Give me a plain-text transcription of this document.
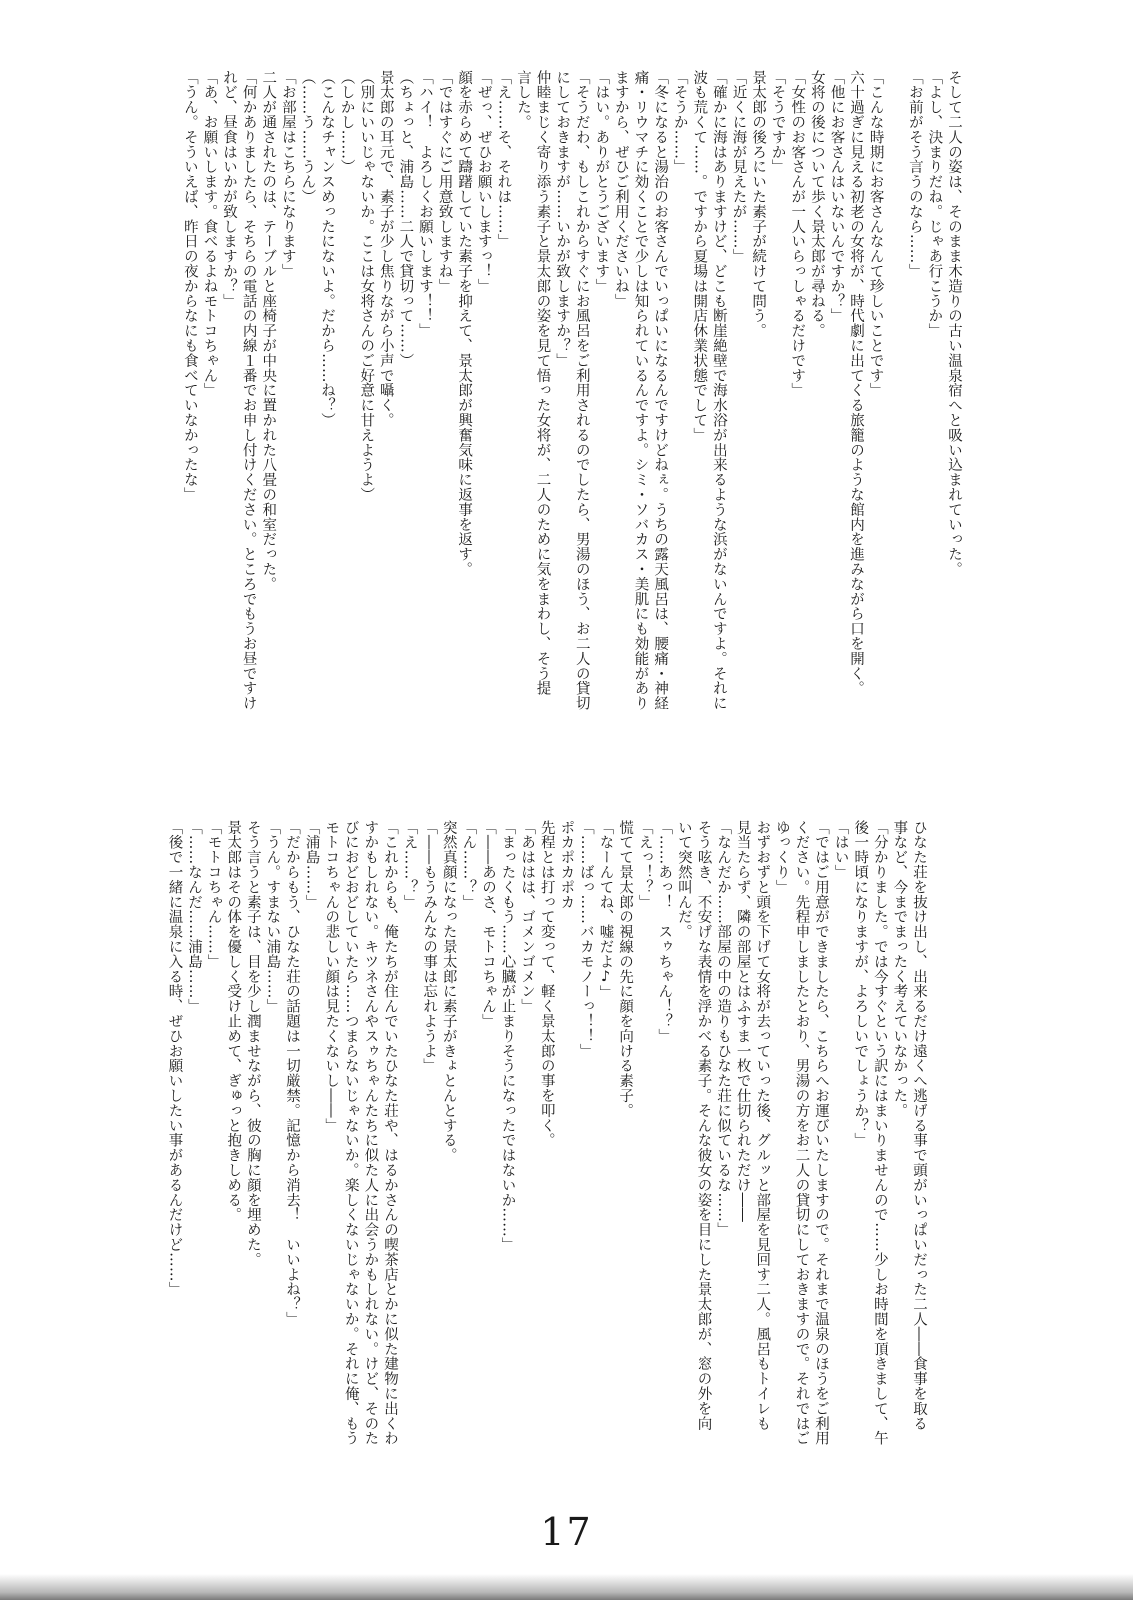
そして二人の姿は、そのまま木造りの古い温泉宿へと吸い込まれていった。
「よし、決まりだね。じゃあ行こうか」
「お前がそう言うのなら……」

「こんな時期にお客さんなんて珍しいことです」
六十過ぎに見える初老の女将が、時代劇に出てくる旅籠のような館内を進みながら口を開く。
「他にお客さんはいないんですか？」
女将の後について歩く景太郎が尋ねる。
「女性のお客さんが一人いらっしゃるだけです」
「そうですか」
景太郎の後ろにいた素子が続けて問う。
「近くに海が見えたが……」
「確かに海はありますけど、どこも断崖絶壁で海水浴が出来るような浜がないんですよ。それに
波も荒くて……。ですから夏場は開店休業状態でして」
「そうか……」
「冬になると湯治のお客さんでいっぱいになるんですけどねぇ。うちの露天風呂は、腰痛・神経
痛・リウマチに効くことで少しは知られているんですよ。シミ・ソバカス・美肌にも効能があり
ますから、ぜひご利用くださいね」
「はい。ありがとうございます」
「そうだわ、もしこれからすぐにお風呂をご利用されるのでしたら、男湯のほう、お二人の貸切
にしておきますが……いかが致しますか？」
仲睦まじく寄り添う素子と景太郎の姿を見て悟った女将が、二人のために気をまわし、そう提
言した。
「え……そ、それは……」
「ぜっ、ぜひお願いしますっ！」
顔を赤らめて躊躇していた素子を抑えて、景太郎が興奮気味に返事を返す。
「ではすぐにご用意致しますね」
「ハイ！　よろしくお願いします！！」
（ちょっと、浦島……二人で貸切って……）
景太郎の耳元で、素子が少し焦りながら小声で囁く。
（別にいいじゃないか。ここは女将さんのご好意に甘えようよ）
（しかし……）
（こんなチャンスめったにないよ。だから……ね？）
（……う……うん）
「お部屋はこちらになります」
二人が通されたのは、テーブルと座椅子が中央に置かれた八畳の和室だった。
「何かありましたら、そちらの電話の内線１番でお申し付けください。ところでもうお昼ですけ
れど、昼食はいかが致しますか？」
「あ、お願いします。食べるよねモトコちゃん」
「うん。そういえば、昨日の夜からなにも食べていなかったな」
ひなた荘を抜け出し、出来るだけ遠くへ逃げる事で頭がいっぱいだった二人――食事を取る
事など、今までまったく考えていなかった。
「分かりました。では今すぐという訳にはまいりませんので……少しお時間を頂きまして、午
後一時頃になりますが、よろしいでしょうか？」
「はい」
「ではご用意ができましたら、こちらへお運びいたしますので。それまで温泉のほうをご利用
ください。先程申しましたとおり、男湯の方をお二人の貸切にしておきますので。それではご
ゆっくり」
おずおずと頭を下げて女将が去っていった後、グルッと部屋を見回す二人。風呂もトイレも
見当たらず、隣の部屋とはふすま一枚で仕切られただけ――
「なんだか……部屋の中の造りもひなた荘に似ているな……」
そう呟き、不安げな表情を浮かべる素子。そんな彼女の姿を目にした景太郎が、窓の外を向
いて突然叫んだ。
「……あっ！　スゥちゃん！？」
「えっ！？」
慌てて景太郎の視線の先に顔を向ける素子。
「なーんてね、嘘だよ♪」
「……ばっ……バカモノーっ！！」
ポカポカポカ
先程とは打って変って、軽く景太郎の事を叩く。
「あははは、ゴメンゴメン」
「まったくもう……心臓が止まりそうになったではないか……」
「――あのさ、モトコちゃん」
「ん……？」
突然真顔になった景太郎に素子がきょとんとする。
「――もうみんなの事は忘れようよ」
「え……？」
「これからも、俺たちが住んでいたひなた荘や、はるかさんの喫茶店とかに似た建物に出くわ
すかもしれない。キツネさんやスゥちゃんたちに似た人に出会うかもしれない。けど、そのた
びにおどおどしていたら……つまらないじゃないか。楽しくないじゃないか。それに俺、もう
モトコちゃんの悲しい顔は見たくないし――」
「浦島……」
「だからもう、ひなた荘の話題は一切厳禁。記憶から消去！　いいよね？」
「うん。すまない浦島……」
そう言うと素子は、目を少し潤ませながら、彼の胸に顔を埋めた。
景太郎はその体を優しく受け止めて、ぎゅっと抱きしめる。
「モトコちゃん……」
「……なんだ……浦島……」
「後で一緒に温泉に入る時、ぜひお願いしたい事があるんだけど……」
17
